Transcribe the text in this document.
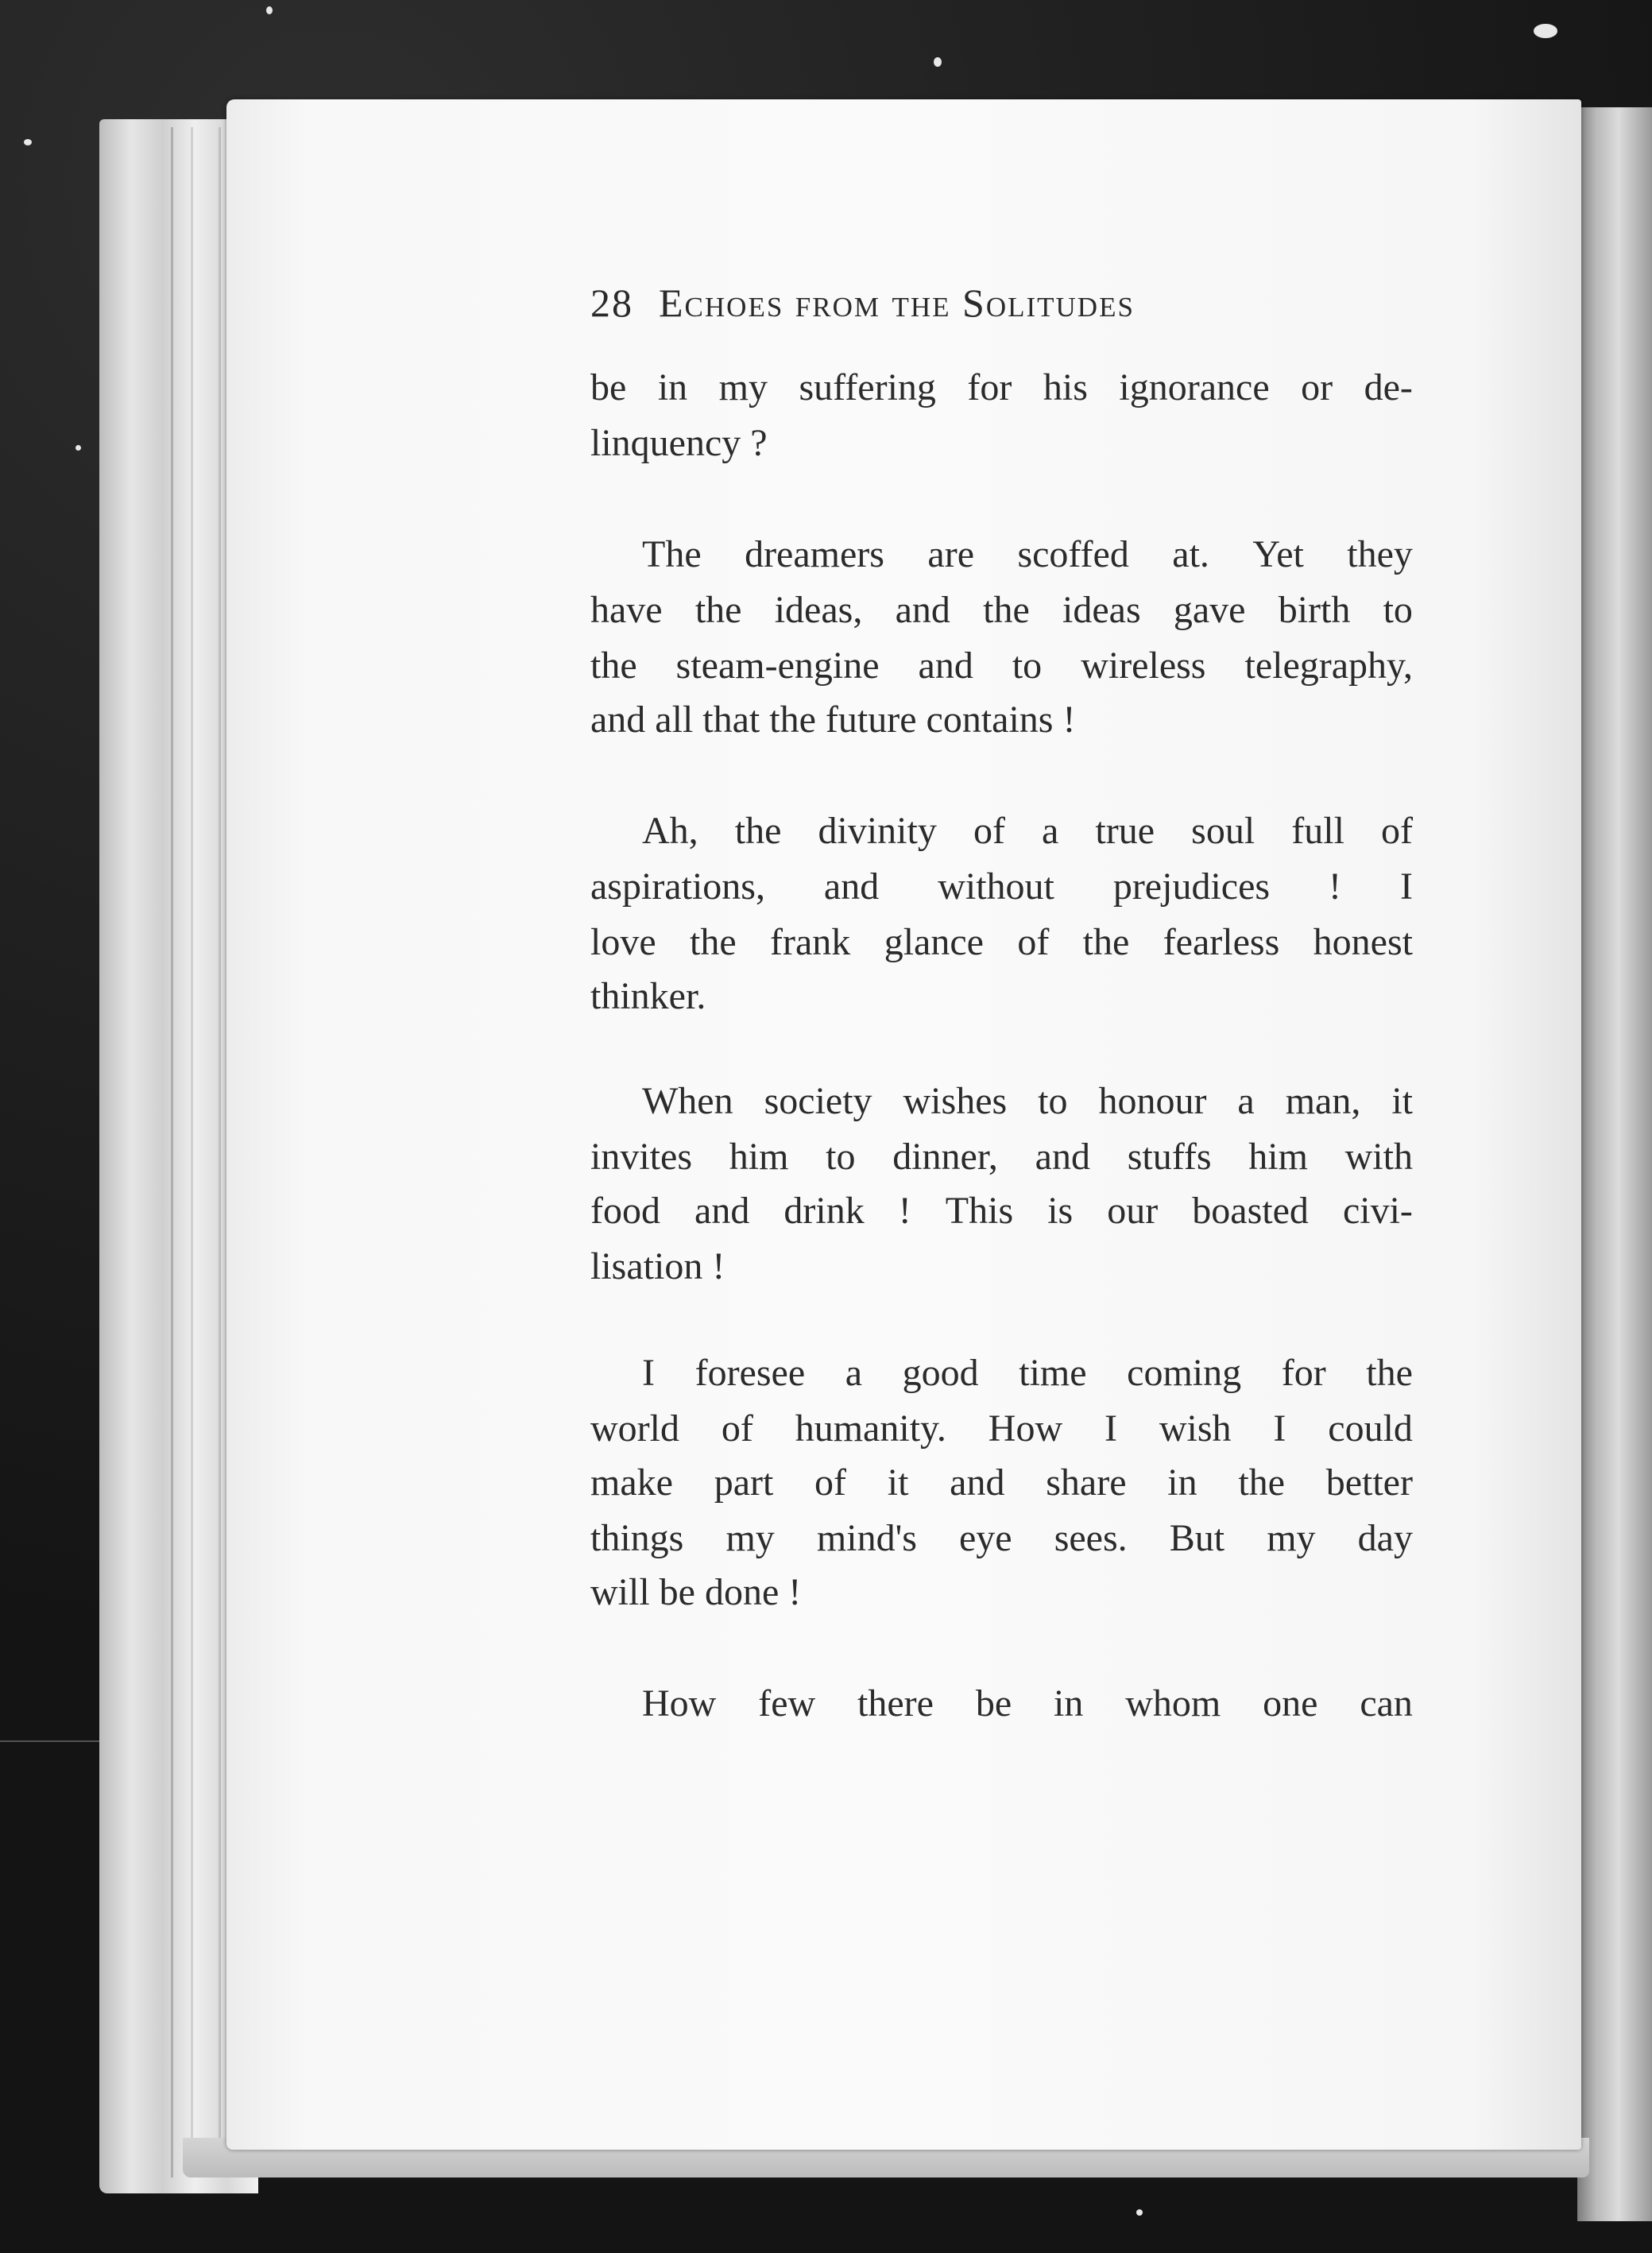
28 Echoes from the Solitudes
be in my suffering for his ignorance or de-
linquency ?
The dreamers are scoffed at. Yet they
have the ideas, and the ideas gave birth to
the steam-engine and to wireless telegraphy,
and all that the future contains !
Ah, the divinity of a true soul full of
aspirations, and without prejudices ! I
love the frank glance of the fearless honest
thinker.
When society wishes to honour a man, it
invites him to dinner, and stuffs him with
food and drink ! This is our boasted civi-
lisation !
I foresee a good time coming for the
world of humanity. How I wish I could
make part of it and share in the better
things my mind's eye sees. But my day
will be done !
How few there be in whom one can
